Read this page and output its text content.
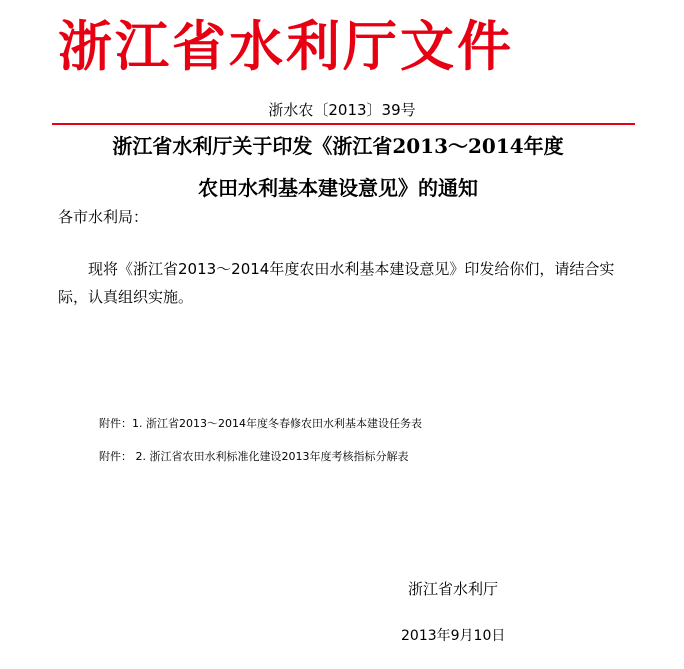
浙江省水利厅文件
浙水农〔2013〕39号
浙江省水利厅关于印发《浙江省2013～2014年度
农田水利基本建设意见》的通知
各市水利局：
现将《浙江省2013～2014年度农田水利基本建设意见》印发给你们，请结合实际，认真组织实施。
附件：1. 浙江省2013～2014年度冬春修农田水利基本建设任务表
附件： 2. 浙江省农田水利标准化建设2013年度考核指标分解表
浙江省水利厅
2013年9月10日
